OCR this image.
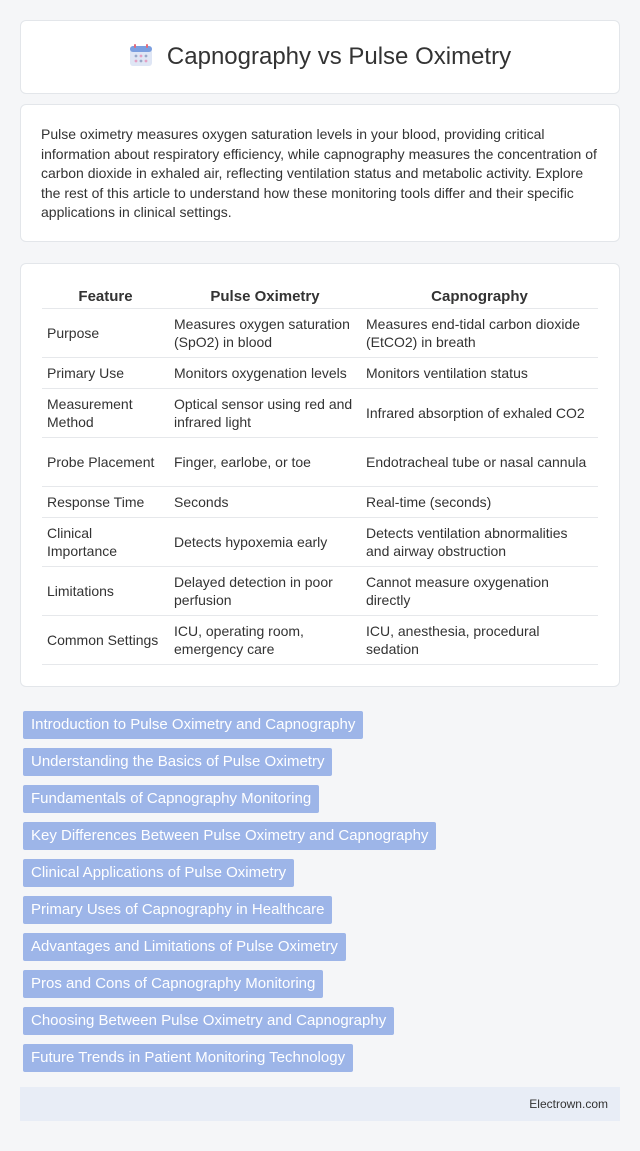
Capnography vs Pulse Oximetry

Pulse oximetry measures oxygen saturation levels in your blood, providing critical information about respiratory efficiency, while capnography measures the concentration of carbon dioxide in exhaled air, reflecting ventilation status and metabolic activity. Explore the rest of this article to understand how these monitoring tools differ and their specific applications in clinical settings.

Feature	Pulse Oximetry	Capnography
Purpose	Measures oxygen saturation (SpO2) in blood	Measures end-tidal carbon dioxide (EtCO2) in breath
Primary Use	Monitors oxygenation levels	Monitors ventilation status
Measurement Method	Optical sensor using red and infrared light	Infrared absorption of exhaled CO2
Probe Placement	Finger, earlobe, or toe	Endotracheal tube or nasal cannula
Response Time	Seconds	Real-time (seconds)
Clinical Importance	Detects hypoxemia early	Detects ventilation abnormalities and airway obstruction
Limitations	Delayed detection in poor perfusion	Cannot measure oxygenation directly
Common Settings	ICU, operating room, emergency care	ICU, anesthesia, procedural sedation
Introduction to Pulse Oximetry and Capnography
Understanding the Basics of Pulse Oximetry
Fundamentals of Capnography Monitoring
Key Differences Between Pulse Oximetry and Capnography
Clinical Applications of Pulse Oximetry
Primary Uses of Capnography in Healthcare
Advantages and Limitations of Pulse Oximetry
Pros and Cons of Capnography Monitoring
Choosing Between Pulse Oximetry and Capnography
Future Trends in Patient Monitoring Technology
Electrown.com
